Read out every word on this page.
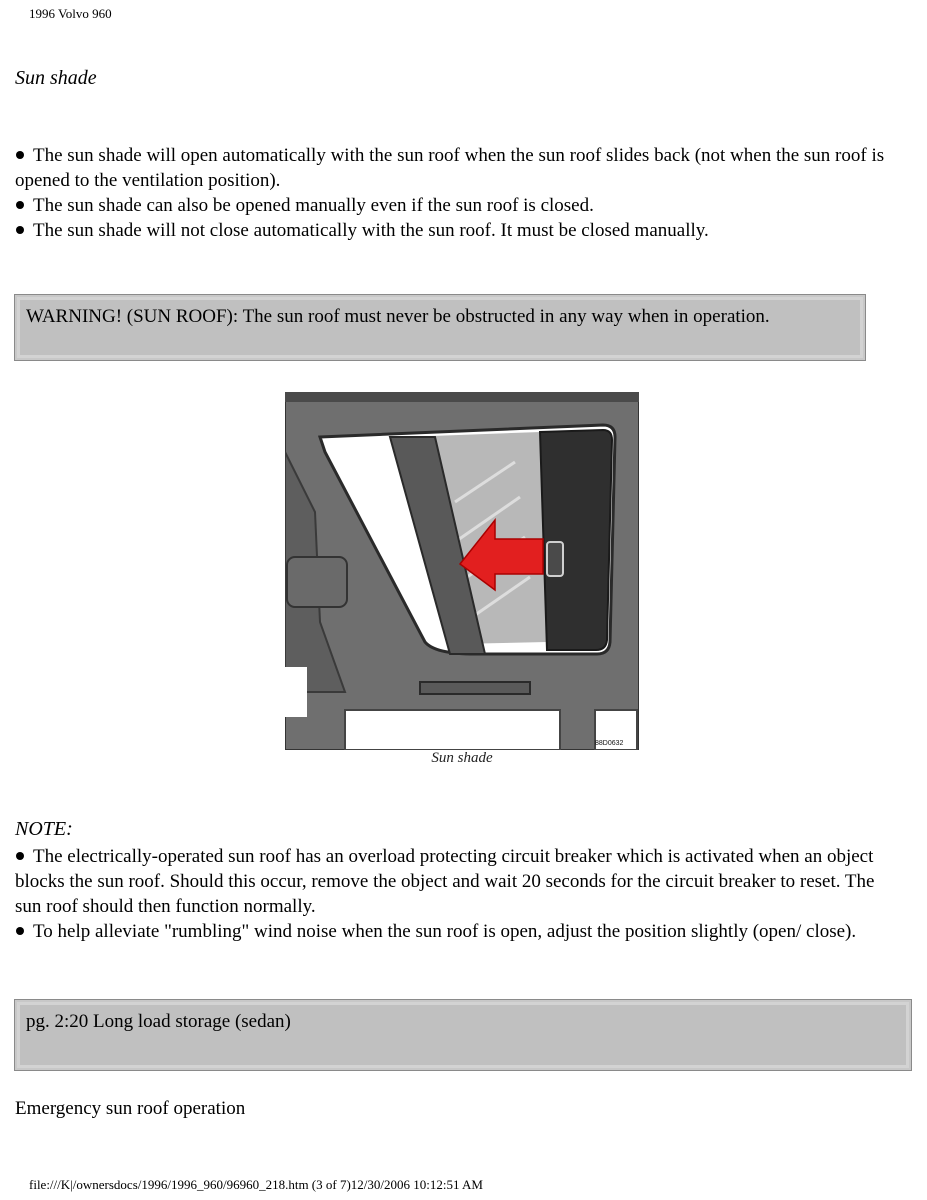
1996 Volvo 960
Sun shade

The sun shade will open automatically with the sun roof when the sun roof slides back (not when the sun roof is opened to the ventilation position).

The sun shade can also be opened manually even if the sun roof is closed.

The sun shade will not close automatically with the sun roof. It must be closed manually.

WARNING! (SUN ROOF): The sun roof must never be obstructed in any way when in operation.
88D0632
Sun shade
NOTE:

The electrically-operated sun roof has an overload protecting circuit breaker which is activated when an object blocks the sun roof. Should this occur, remove the object and wait 20 seconds for the circuit breaker to reset. The sun roof should then function normally.

To help alleviate "rumbling" wind noise when the sun roof is open, adjust the position slightly (open/ close).

pg. 2:20 Long load storage (sedan)
Emergency sun roof operation
file:///K|/ownersdocs/1996/1996_960/96960_218.htm (3 of 7)12/30/2006 10:12:51 AM
